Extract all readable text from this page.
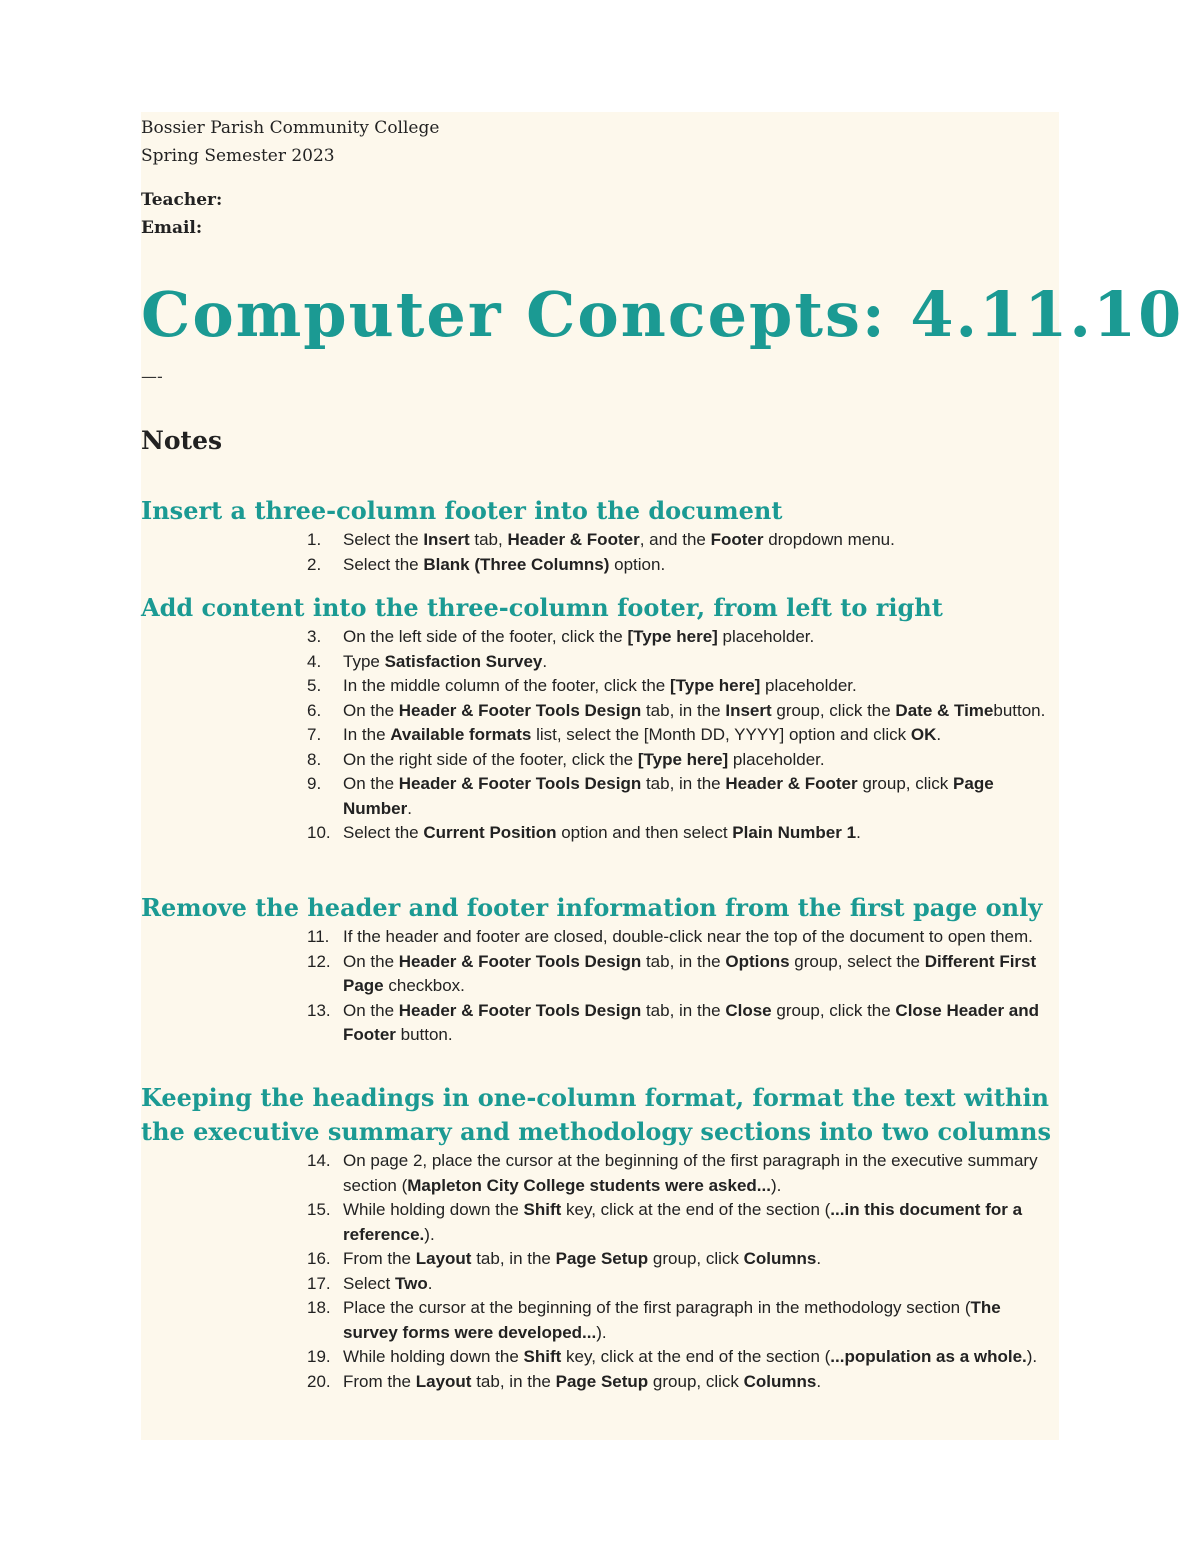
Bossier Parish Community College

Spring Semester 2023

Teacher:

Email:

Computer Concepts: 4.11.10
—-
Notes
Insert a three-column footer into the document
1.	Select the Insert tab, Header & Footer, and the Footer dropdown menu.
2.	Select the Blank (Three Columns) option.
Add content into the three-column footer, from left to right
3.	On the left side of the footer, click the [Type here] placeholder.
4.	Type Satisfaction Survey.
5.	In the middle column of the footer, click the [Type here] placeholder.
6.	On the Header & Footer Tools Design tab, in the Insert group, click the Date & Timebutton.
7.	In the Available formats list, select the [Month DD, YYYY] option and click OK.
8.	On the right side of the footer, click the [Type here] placeholder.
9.	On the Header & Footer Tools Design tab, in the Header & Footer group, click Page Number.
10. Select the Current Position option and then select Plain Number 1.
Remove the header and footer information from the first page only
11. If the header and footer are closed, double-click near the top of the document to open them.
12. On the Header & Footer Tools Design tab, in the Options group, select the Different First Page checkbox.
13. On the Header & Footer Tools Design tab, in the Close group, click the Close Header and Footer button.
Keeping the headings in one-column format, format the text within the executive summary and methodology sections into two columns
14. On page 2, place the cursor at the beginning of the first paragraph in the executive summary section (Mapleton City College students were asked...).
15. While holding down the Shift key, click at the end of the section (...in this document for a reference.).
16. From the Layout tab, in the Page Setup group, click Columns.
17. Select Two.
18. Place the cursor at the beginning of the first paragraph in the methodology section (The survey forms were developed...).
19. While holding down the Shift key, click at the end of the section (...population as a whole.).
20. From the Layout tab, in the Page Setup group, click Columns.
